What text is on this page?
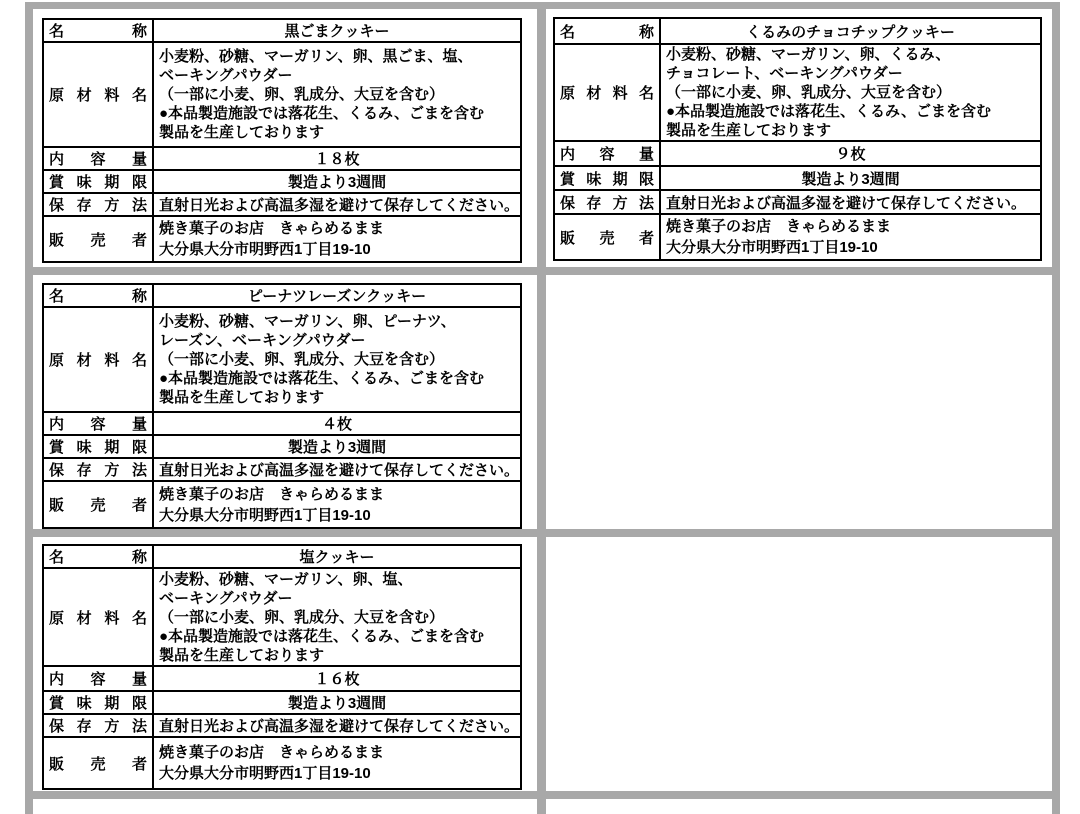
名称	黒ごまクッキー
原材料名	小麦粉、砂糖、マーガリン、卵、黒ごま、塩、
ベーキングパウダー
（一部に小麦、卵、乳成分、大豆を含む）
●本品製造施設では落花生、くるみ、ごまを含む
製品を生産しております

内容量	１８枚
賞味期限	製造より3週間
保存方法	直射日光および高温多湿を避けて保存してください。
販売者	焼き菓子のお店　きゃらめるまま
大分県大分市明野西1丁目19-10
名称	くるみのチョコチップクッキー
原材料名	小麦粉、砂糖、マーガリン、卵、くるみ、
チョコレート、ベーキングパウダー
（一部に小麦、卵、乳成分、大豆を含む）
●本品製造施設では落花生、くるみ、ごまを含む
製品を生産しております

内容量	９枚
賞味期限	製造より3週間
保存方法	直射日光および高温多湿を避けて保存してください。
販売者	焼き菓子のお店　きゃらめるまま
大分県大分市明野西1丁目19-10
名称	ピーナツレーズンクッキー
原材料名	小麦粉、砂糖、マーガリン、卵、ピーナツ、
レーズン、ベーキングパウダー
（一部に小麦、卵、乳成分、大豆を含む）
●本品製造施設では落花生、くるみ、ごまを含む
製品を生産しております

内容量	４枚
賞味期限	製造より3週間
保存方法	直射日光および高温多湿を避けて保存してください。
販売者	焼き菓子のお店　きゃらめるまま
大分県大分市明野西1丁目19-10
名称	塩クッキー
原材料名	小麦粉、砂糖、マーガリン、卵、塩、
ベーキングパウダー
（一部に小麦、卵、乳成分、大豆を含む）
●本品製造施設では落花生、くるみ、ごまを含む
製品を生産しております

内容量	１６枚
賞味期限	製造より3週間
保存方法	直射日光および高温多湿を避けて保存してください。
販売者	焼き菓子のお店　きゃらめるまま
大分県大分市明野西1丁目19-10
